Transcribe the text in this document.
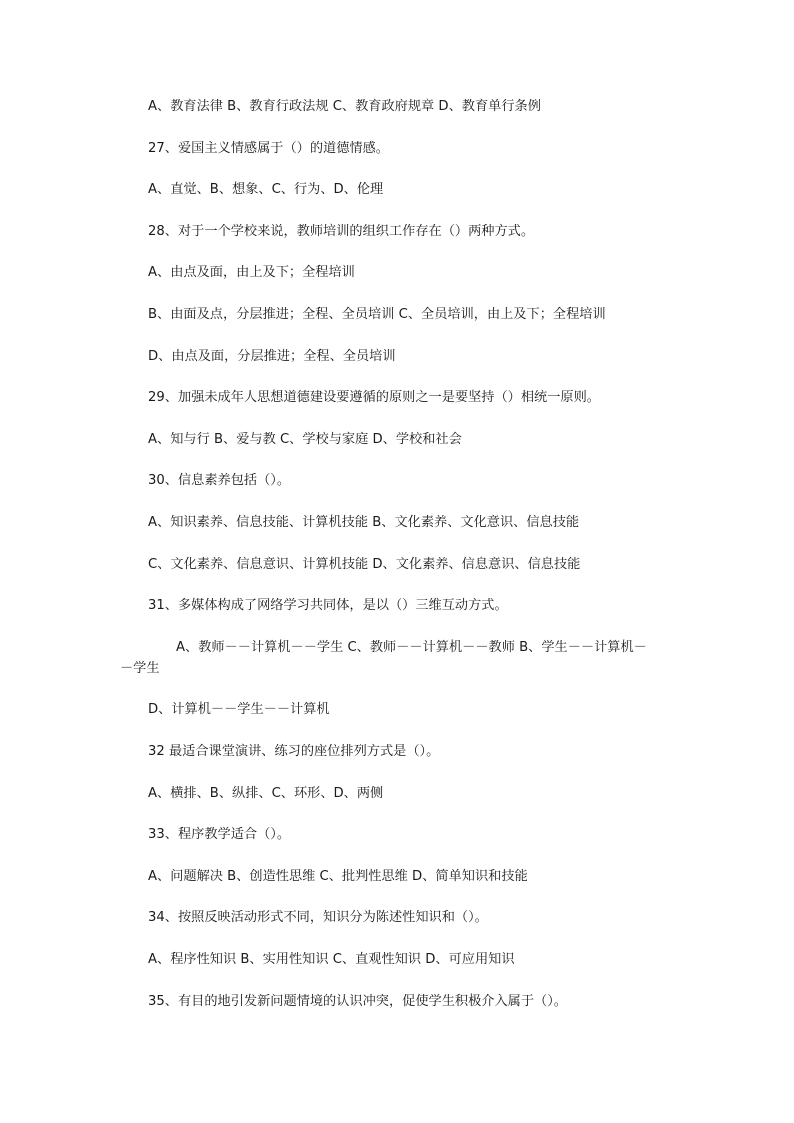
A、教育法律 B、教育行政法规 C、教育政府规章 D、教育单行条例
27、爱国主义情感属于（）的道德情感。
A、直觉、B、想象、C、行为、D、伦理
28、对于一个学校来说，教师培训的组织工作存在（）两种方式。
A、由点及面，由上及下；全程培训
B、由面及点，分层推进；全程、全员培训 C、全员培训，由上及下；全程培训
D、由点及面，分层推进；全程、全员培训
29、加强未成年人思想道德建设要遵循的原则之一是要坚持（）相统一原则。
A、知与行 B、爱与教 C、学校与家庭 D、学校和社会
30、信息素养包括（）。
A、知识素养、信息技能、计算机技能 B、文化素养、文化意识、信息技能
C、文化素养、信息意识、计算机技能 D、文化素养、信息意识、信息技能
31、多媒体构成了网络学习共同体，是以（）三维互动方式。
A、教师－－计算机－－学生 C、教师－－计算机－－教师 B、学生－－计算机－
－学生
D、计算机－－学生－－计算机
32 最适合课堂演讲、练习的座位排列方式是（）。
A、横排、B、纵排、C、环形、D、两侧
33、程序教学适合（）。
A、问题解决 B、创造性思维 C、批判性思维 D、简单知识和技能
34、按照反映活动形式不同，知识分为陈述性知识和（）。
A、程序性知识 B、实用性知识 C、直观性知识 D、可应用知识
35、有目的地引发新问题情境的认识冲突，促使学生积极介入属于（）。
